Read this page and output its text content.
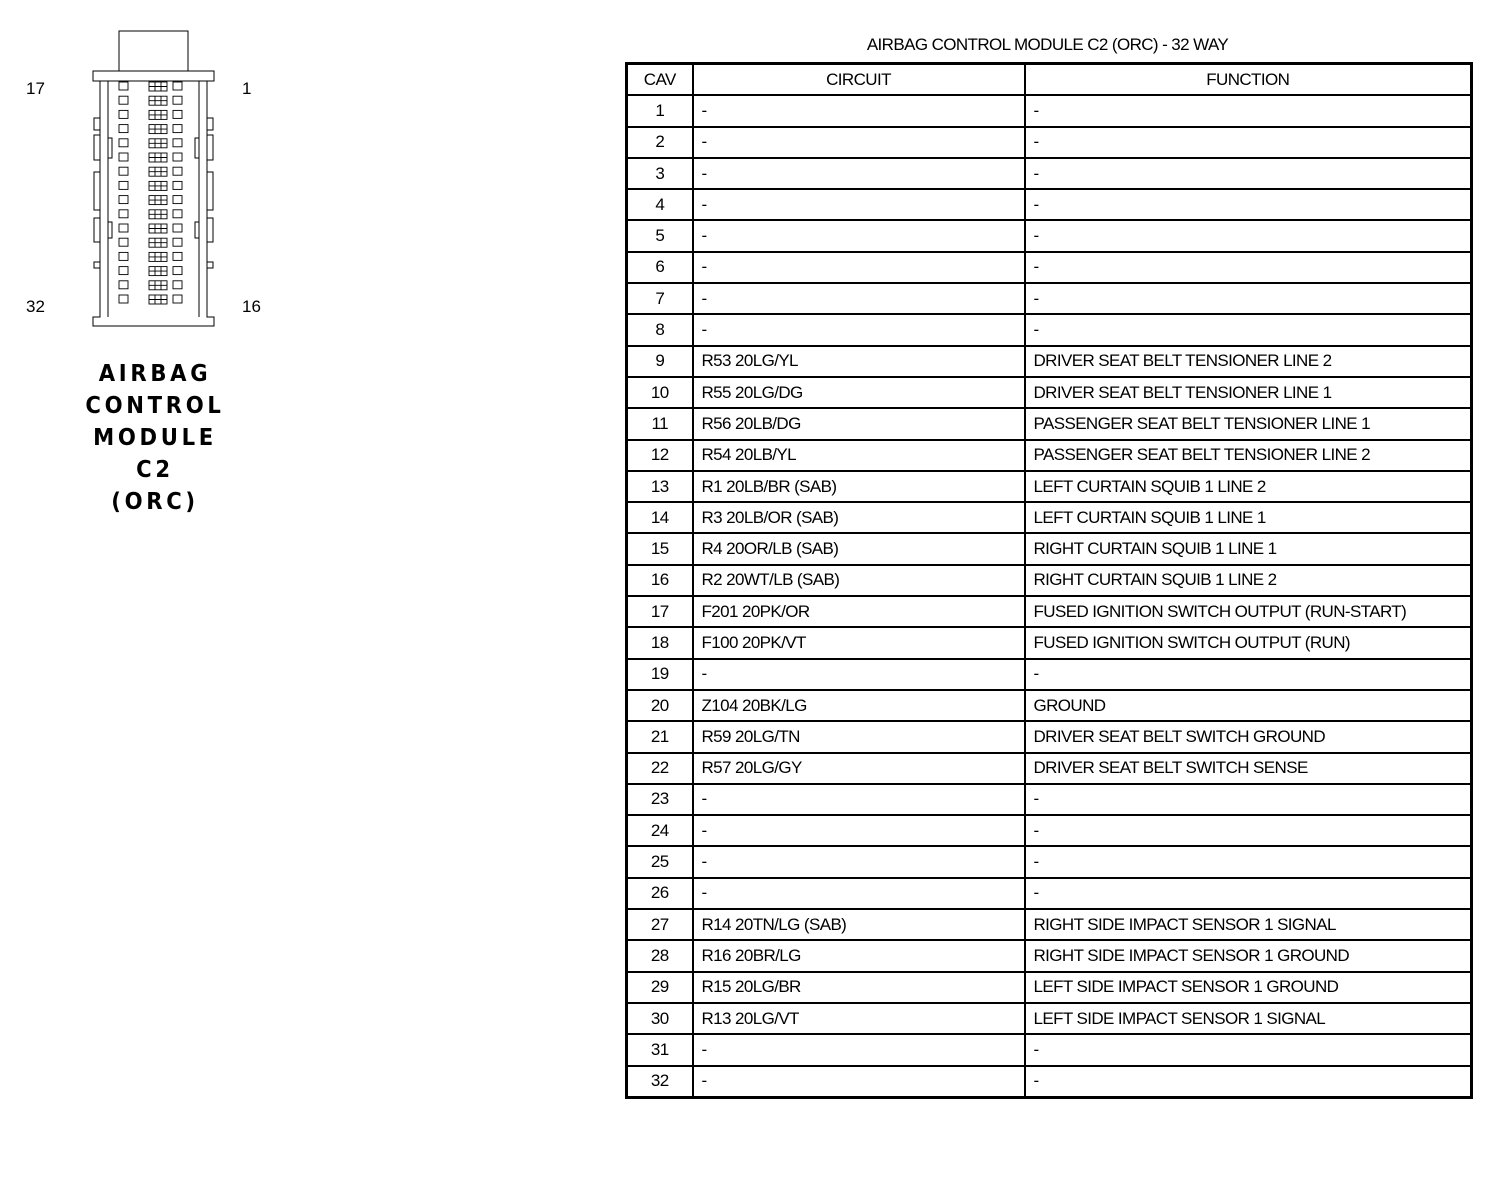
17	1
32	16
AIRBAG
CONTROL
MODULE
C2
(ORC)
AIRBAG CONTROL MODULE C2 (ORC) - 32 WAY
CAV	CIRCUIT	FUNCTION
1	-	-
2	-	-
3	-	-
4	-	-
5	-	-
6	-	-
7	-	-
8	-	-
9	R53 20LG/YL	DRIVER SEAT BELT TENSIONER LINE 2
10	R55 20LG/DG	DRIVER SEAT BELT TENSIONER LINE 1
11	R56 20LB/DG	PASSENGER SEAT BELT TENSIONER LINE 1
12	R54 20LB/YL	PASSENGER SEAT BELT TENSIONER LINE 2
13	R1 20LB/BR (SAB)	LEFT CURTAIN SQUIB 1 LINE 2
14	R3 20LB/OR (SAB)	LEFT CURTAIN SQUIB 1 LINE 1
15	R4 20OR/LB (SAB)	RIGHT CURTAIN SQUIB 1 LINE 1
16	R2 20WT/LB (SAB)	RIGHT CURTAIN SQUIB 1 LINE 2
17	F201 20PK/OR	FUSED IGNITION SWITCH OUTPUT (RUN-START)
18	F100 20PK/VT	FUSED IGNITION SWITCH OUTPUT (RUN)
19	-	-
20	Z104 20BK/LG	GROUND
21	R59 20LG/TN	DRIVER SEAT BELT SWITCH GROUND
22	R57 20LG/GY	DRIVER SEAT BELT SWITCH SENSE
23	-	-
24	-	-
25	-	-
26	-	-
27	R14 20TN/LG (SAB)	RIGHT SIDE IMPACT SENSOR 1 SIGNAL
28	R16 20BR/LG	RIGHT SIDE IMPACT SENSOR 1 GROUND
29	R15 20LG/BR	LEFT SIDE IMPACT SENSOR 1 GROUND
30	R13 20LG/VT	LEFT SIDE IMPACT SENSOR 1 SIGNAL
31	-	-
32	-	-
